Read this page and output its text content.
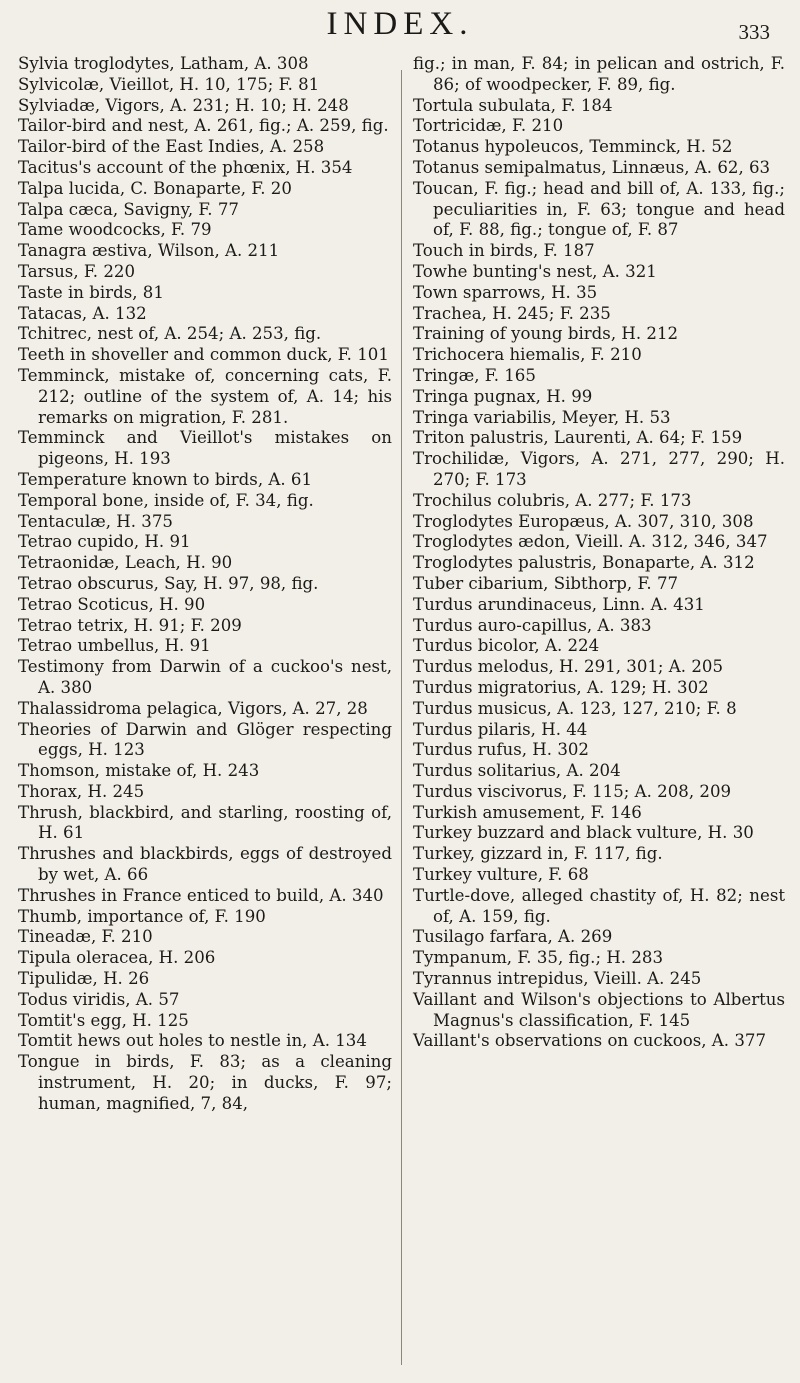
INDEX.	333

Sylvia troglodytes, Latham, A. 308

Sylvicolæ, Vieillot, H. 10, 175; F. 81

Sylviadæ, Vigors, A. 231; H. 10; H. 248

Tailor-bird and nest, A. 261, fig.; A. 259, fig.

Tailor-bird of the East Indies, A. 258

Tacitus's account of the phœnix, H. 354

Talpa lucida, C. Bonaparte, F. 20

Talpa cæca, Savigny, F. 77

Tame woodcocks, F. 79

Tanagra æstiva, Wilson, A. 211

Tarsus, F. 220

Taste in birds, 81

Tatacas, A. 132

Tchitrec, nest of, A. 254; A. 253, fig.

Teeth in shoveller and common duck, F. 101

Temminck, mistake of, concerning cats, F. 212; outline of the system of, A. 14; his remarks on migration, F. 281.

Temminck and Vieillot's mistakes on pigeons, H. 193

Temperature known to birds, A. 61

Temporal bone, inside of, F. 34, fig.

Tentaculæ, H. 375

Tetrao cupido, H. 91

Tetraonidæ, Leach, H. 90

Tetrao obscurus, Say, H. 97, 98, fig.

Tetrao Scoticus, H. 90

Tetrao tetrix, H. 91; F. 209

Tetrao umbellus, H. 91

Testimony from Darwin of a cuckoo's nest, A. 380

Thalassidroma pelagica, Vigors, A. 27, 28

Theories of Darwin and Glöger respecting eggs, H. 123

Thomson, mistake of, H. 243

Thorax, H. 245

Thrush, blackbird, and starling, roosting of, H. 61

Thrushes and blackbirds, eggs of destroyed by wet, A. 66

Thrushes in France enticed to build, A. 340

Thumb, importance of, F. 190

Tineadæ, F. 210

Tipula oleracea, H. 206

Tipulidæ, H. 26

Todus viridis, A. 57

Tomtit's egg, H. 125

Tomtit hews out holes to nestle in, A. 134

Tongue in birds, F. 83; as a cleaning instrument, H. 20; in ducks, F. 97; human, magnified, 7, 84,

fig.; in man, F. 84; in pelican and ostrich, F. 86; of woodpecker, F. 89, fig.

Tortula subulata, F. 184

Tortricidæ, F. 210

Totanus hypoleucos, Temminck, H. 52

Totanus semipalmatus, Linnæus, A. 62, 63

Toucan, F. fig.; head and bill of, A. 133, fig.; peculiarities in, F. 63; tongue and head of, F. 88, fig.; tongue of, F. 87

Touch in birds, F. 187

Towhe bunting's nest, A. 321

Town sparrows, H. 35

Trachea, H. 245; F. 235

Training of young birds, H. 212

Trichocera hiemalis, F. 210

Tringæ, F. 165

Tringa pugnax, H. 99

Tringa variabilis, Meyer, H. 53

Triton palustris, Laurenti, A. 64; F. 159

Trochilidæ, Vigors, A. 271, 277, 290; H. 270; F. 173

Trochilus colubris, A. 277; F. 173

Troglodytes Europæus, A. 307, 310, 308

Troglodytes ædon, Vieill. A. 312, 346, 347

Troglodytes palustris, Bonaparte, A. 312

Tuber cibarium, Sibthorp, F. 77

Turdus arundinaceus, Linn. A. 431

Turdus auro-capillus, A. 383

Turdus bicolor, A. 224

Turdus melodus, H. 291, 301; A. 205

Turdus migratorius, A. 129; H. 302

Turdus musicus, A. 123, 127, 210; F. 8

Turdus pilaris, H. 44

Turdus rufus, H. 302

Turdus solitarius, A. 204

Turdus viscivorus, F. 115; A. 208, 209

Turkish amusement, F. 146

Turkey buzzard and black vulture, H. 30

Turkey, gizzard in, F. 117, fig.

Turkey vulture, F. 68

Turtle-dove, alleged chastity of, H. 82; nest of, A. 159, fig.

Tusilago farfara, A. 269

Tympanum, F. 35, fig.; H. 283

Tyrannus intrepidus, Vieill. A. 245

Vaillant and Wilson's objections to Albertus Magnus's classification, F. 145

Vaillant's observations on cuckoos, A. 377
